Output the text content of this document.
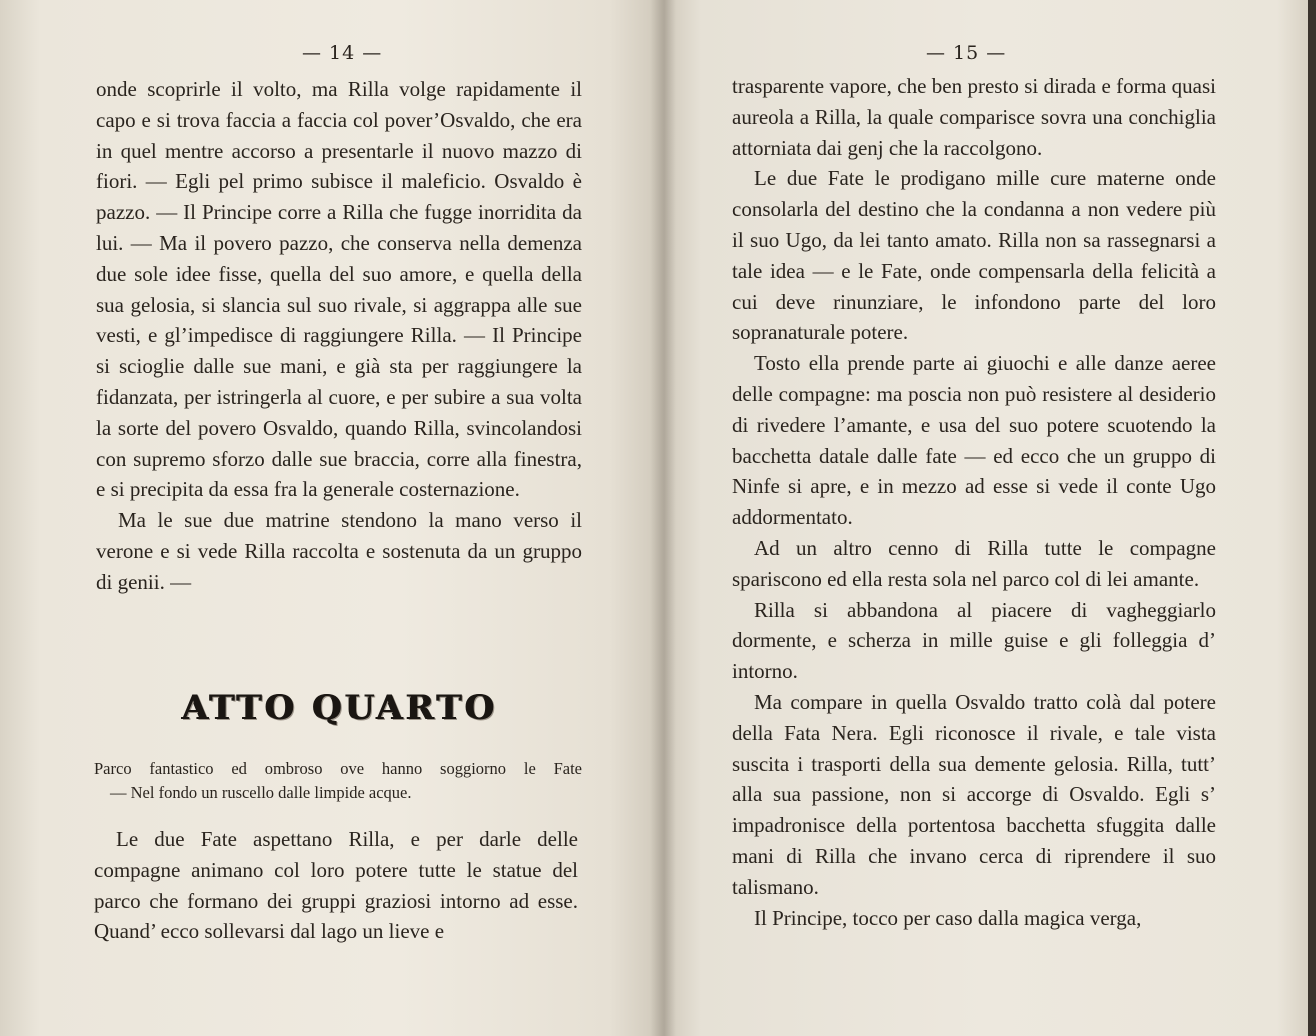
— 14 —

onde scoprirle il volto, ma Rilla volge rapidamente il capo e si trova faccia a faccia col pover’Osvaldo, che era in quel mentre accorso a presentarle il nuovo mazzo di fiori. — Egli pel primo subisce il maleficio. Osvaldo è pazzo. — Il Principe corre a Rilla che fugge inorridita da lui. — Ma il povero pazzo, che conserva nella demenza due sole idee fisse, quella del suo amore, e quella della sua gelosia, si slancia sul suo rivale, si aggrappa alle sue vesti, e gl’impedisce di raggiungere Rilla. — Il Principe si scioglie dalle sue mani, e già sta per raggiungere la fidanzata, per istringerla al cuore, e per subire a sua volta la sorte del povero Osvaldo, quando Rilla, svincolandosi con supremo sforzo dalle sue braccia, corre alla finestra, e si precipita da essa fra la generale costernazione.

Ma le sue due matrine stendono la mano verso il verone e si vede Rilla raccolta e sostenuta da un gruppo di genii. —

ATTO QUARTO
Parco fantastico ed ombroso ove hanno soggiorno le Fate
— Nel fondo un ruscello dalle limpide acque.

Le due Fate aspettano Rilla, e per darle delle compagne animano col loro potere tutte le statue del parco che formano dei gruppi graziosi intorno ad esse. Quand’ ecco sollevarsi dal lago un lieve e

— 15 —

trasparente vapore, che ben presto si dirada e forma quasi aureola a Rilla, la quale comparisce sovra una conchiglia attorniata dai genj che la raccolgono.

Le due Fate le prodigano mille cure materne onde consolarla del destino che la condanna a non vedere più il suo Ugo, da lei tanto amato. Rilla non sa rassegnarsi a tale idea — e le Fate, onde compensarla della felicità a cui deve rinunziare, le infondono parte del loro sopranaturale potere.

Tosto ella prende parte ai giuochi e alle danze aeree delle compagne: ma poscia non può resistere al desiderio di rivedere l’amante, e usa del suo potere scuotendo la bacchetta datale dalle fate — ed ecco che un gruppo di Ninfe si apre, e in mezzo ad esse si vede il conte Ugo addormentato.

Ad un altro cenno di Rilla tutte le compagne spariscono ed ella resta sola nel parco col di lei amante.

Rilla si abbandona al piacere di vagheggiarlo dormente, e scherza in mille guise e gli folleggia d’ intorno.

Ma compare in quella Osvaldo tratto colà dal potere della Fata Nera. Egli riconosce il rivale, e tale vista suscita i trasporti della sua demente gelosia. Rilla, tutt’ alla sua passione, non si accorge di Osvaldo. Egli s’ impadronisce della portentosa bacchetta sfuggita dalle mani di Rilla che invano cerca di riprendere il suo talismano.

Il Principe, tocco per caso dalla magica verga,
